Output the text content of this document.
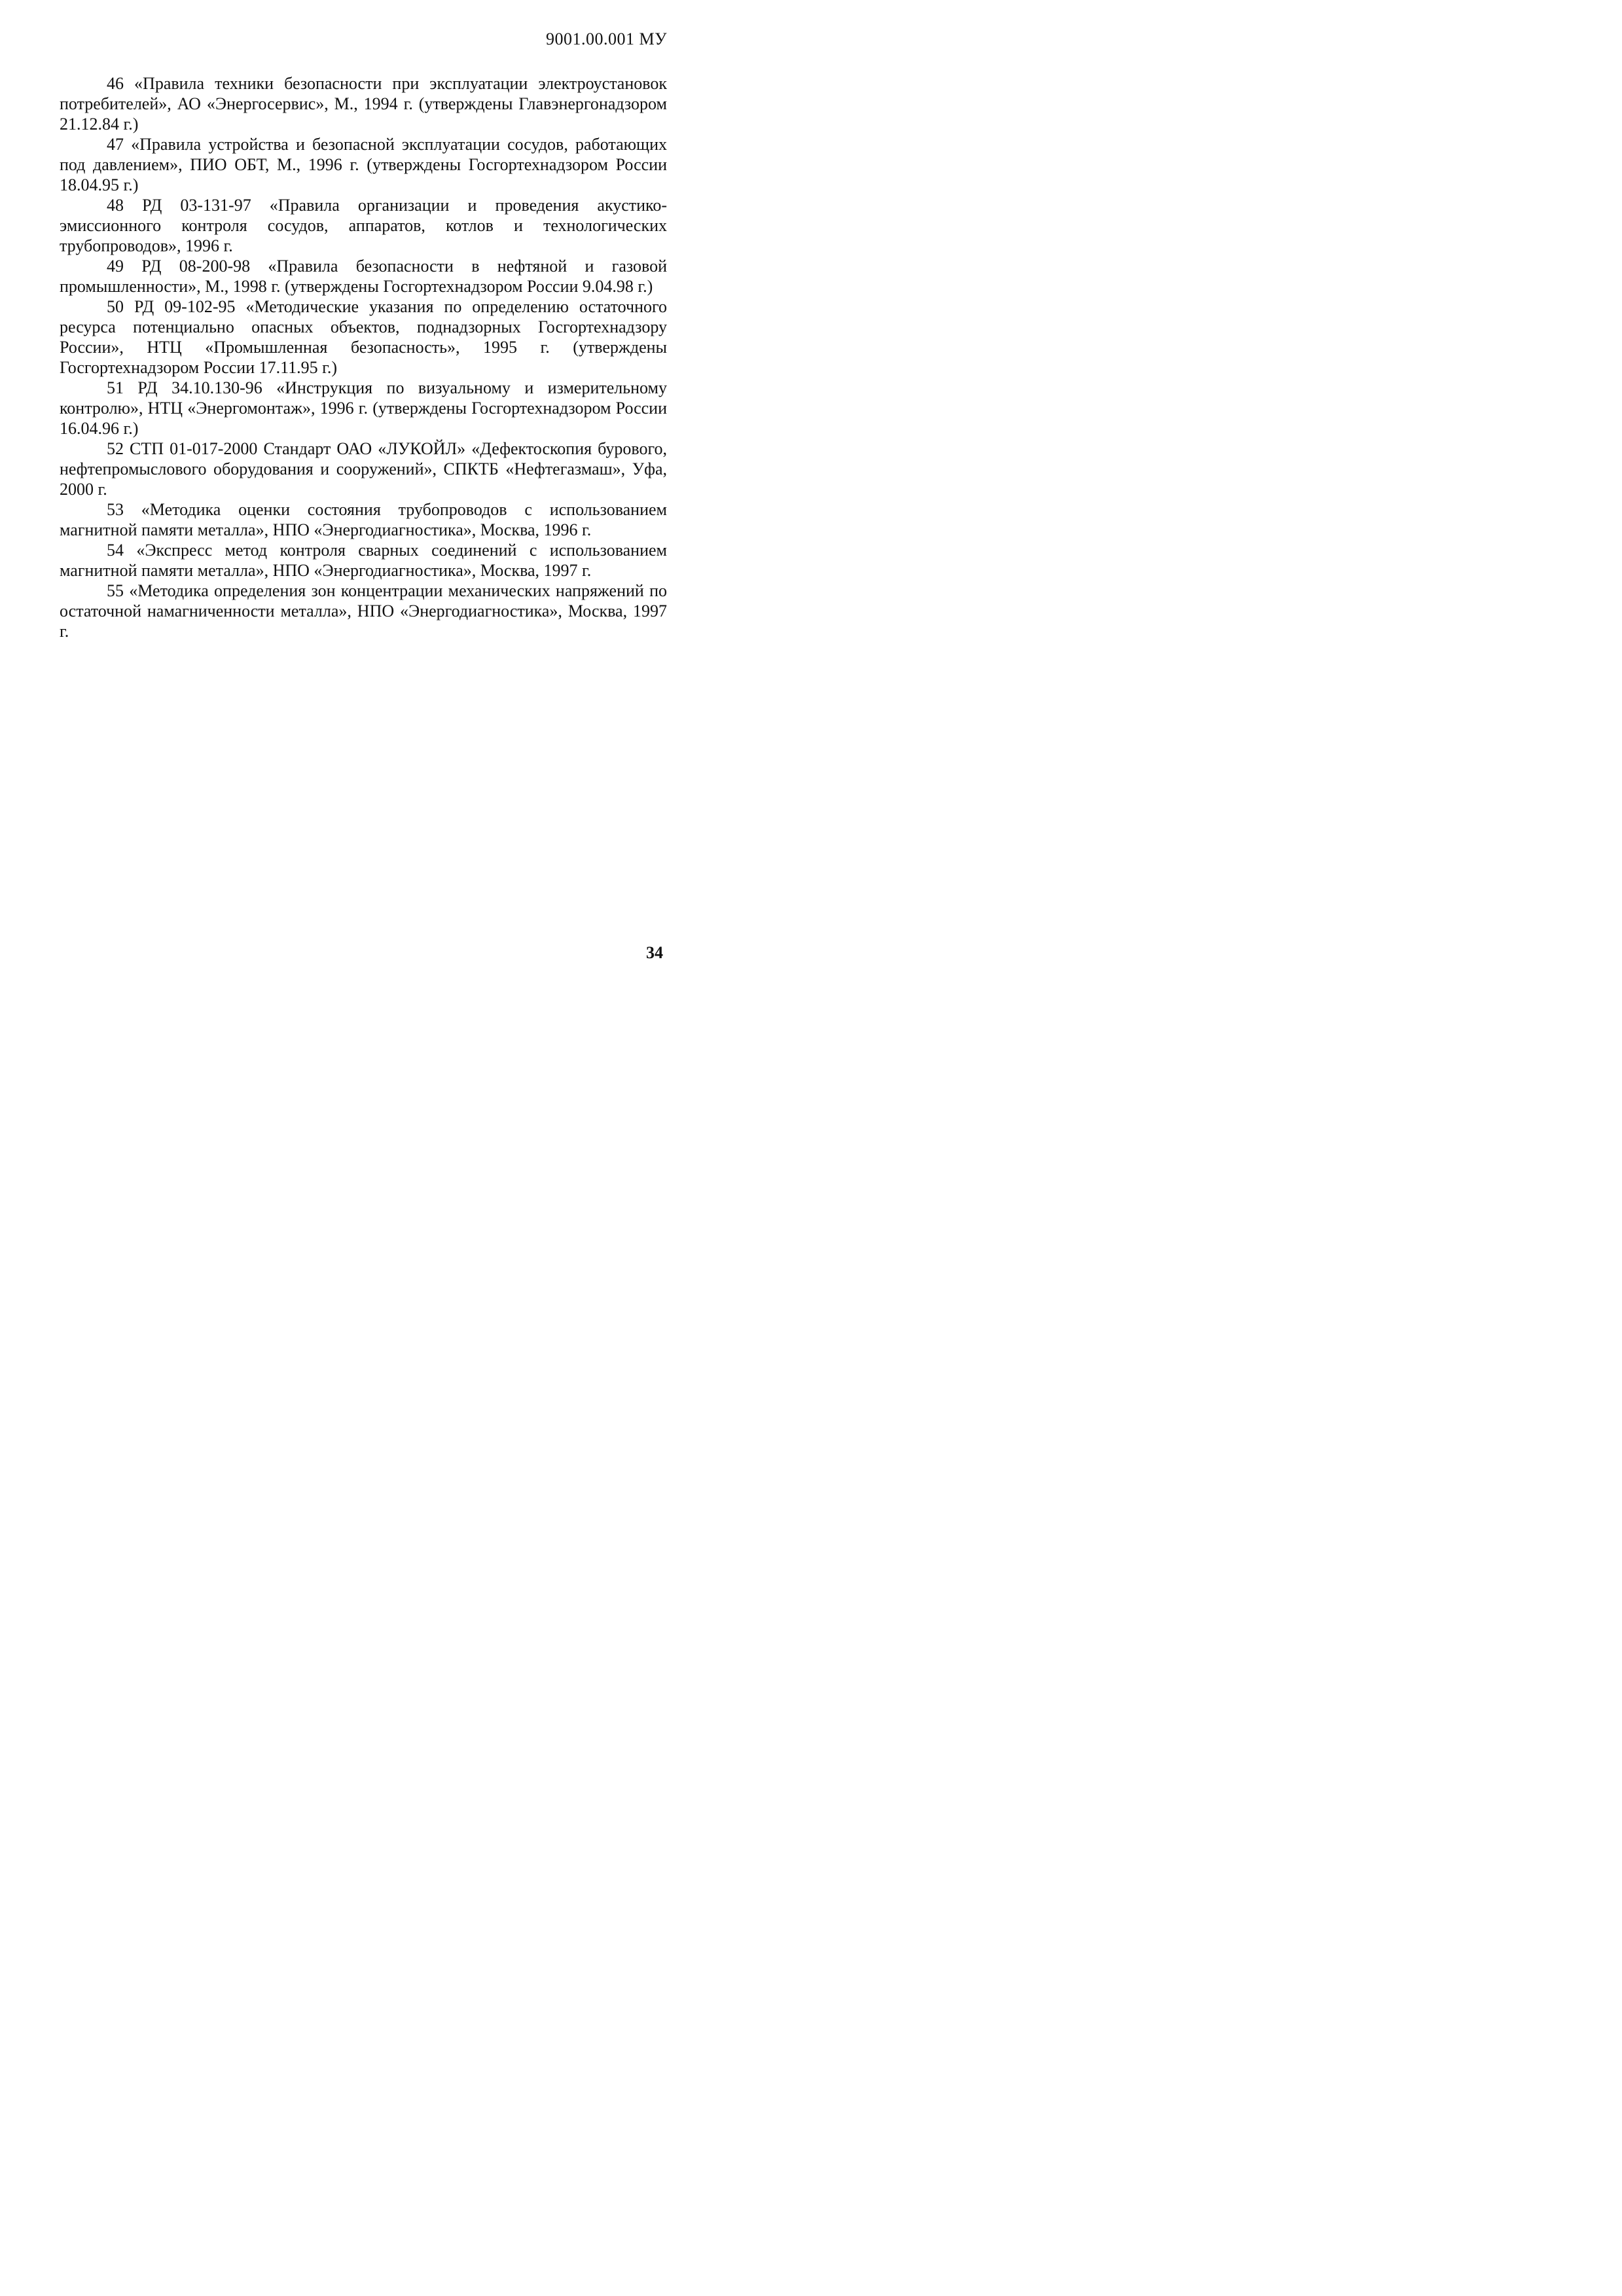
9001.00.001 МУ

46 «Правила техники безопасности при эксплуатации электроустановок потребителей», АО «Энергосервис», М., 1994 г. (утверждены Главэнергонадзором 21.12.84 г.)

47 «Правила устройства и безопасной эксплуатации сосудов, работающих под давлением», ПИО ОБТ, М., 1996 г. (утверждены Госгортехнадзором России 18.04.95 г.)

48 РД 03-131-97 «Правила организации и проведения акустико-эмиссионного контроля сосудов, аппаратов, котлов и технологических трубопроводов», 1996 г.

49 РД 08-200-98 «Правила безопасности в нефтяной и газовой промышленности», М., 1998 г. (утверждены Госгортехнадзором России 9.04.98 г.)

50 РД 09-102-95 «Методические указания по определению остаточного ресурса потенциально опасных объектов, поднадзорных Госгортехнадзору России», НТЦ «Промышленная безопасность», 1995 г. (утверждены Госгортехнадзором России 17.11.95 г.)

51 РД 34.10.130-96 «Инструкция по визуальному и измерительному контролю», НТЦ «Энергомонтаж», 1996 г. (утверждены Госгортехнадзором России 16.04.96 г.)

52 СТП 01-017-2000 Стандарт ОАО «ЛУКОЙЛ» «Дефектоскопия бурового, нефтепромыслового оборудования и сооружений», СПКТБ «Нефтегазмаш», Уфа, 2000 г.

53 «Методика оценки состояния трубопроводов с использованием магнитной памяти металла», НПО «Энергодиагностика», Москва, 1996 г.

54 «Экспресс метод контроля сварных соединений с использованием магнитной памяти металла», НПО «Энергодиагностика», Москва, 1997 г.

55 «Методика определения зон концентрации механических напряжений по остаточной намагниченности металла», НПО «Энергодиагностика», Москва, 1997 г.

34
